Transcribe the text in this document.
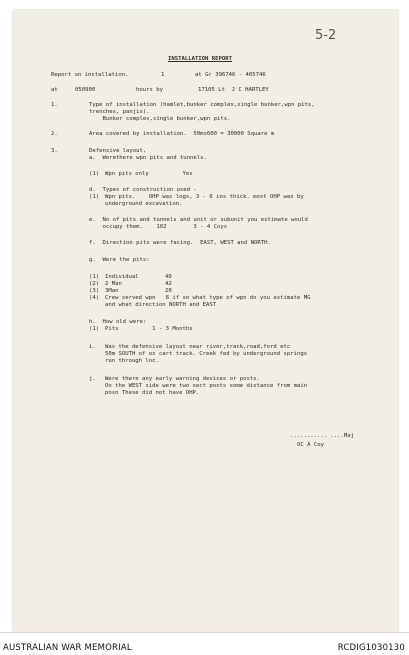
5-2
INSTALLATION REPORT
Report on installation.	1	at Gr 396746 - 405746
at	050900	hours by	17105 Lt  J C HARTLEY
1.	Type of installation (hamlet,bunker complex,single bunker,wpn pits,
trenches, panjis).
Bunker complex,single bunker,wpn pits.
2.	Area covered by installation.  50mx600 = 30000 Square m
3.	Defensive layout,
a.  Werethere wpn pits and tunnels.
(1) Wpn pits only          Yes
d.  Types of construction used -
(1) Wpn pits.    OHP was logs, 3 - 6 ins thick. most OHP was by
underground excavation.
e.  No of pits and tunnels and unit or subunit you estimate would
occupy them.    102        3 - 4 Coys
f.  Direction pits were facing.  EAST, WEST and NORTH.
g.  Were the pits:
(1) Individual	40
(2) 2 Man	42
(3) 3Man	20
(4) Crew served wpn   8 if so what type of wpn do you estimate MG
and what direction NORTH and EAST
h.  How old were:
(1) Pits          1 - 3 Months
i. Was the defensive layout near river,track,road,ford etc
50m SOUTH of ox cart track. Creek fed by underground springs
run through loc.
j. Were there any early warning devices or posts.
On the WEST side were two sect posts some distance from main
posn These did not have OHP.
........... ....Maj
OC A Coy
AUSTRALIAN WAR MEMORIAL	RCDIG1030130
